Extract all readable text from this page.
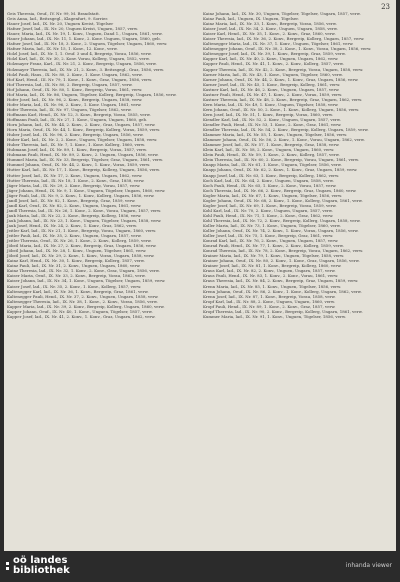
23
Geis Theresia, Oeuf., IV. Nr. 99, M. Brandstatt.
Geis Anna, lad., Beitzsgegl., Klagenfurt, 9. Sorrier.
Hauer Josef, lad., IX. Nr. 20, Unguen Kreist, Tögelser
Hafner Josef, lad., IX. Nr. 20, Unguen Kreist, Ungarn, 1857, verw.
Hauer, Maria, lad., IX. Nr. 19, 1. Konv., Unguen, Dand 1., Ungarn, 1861, verw.
Hauer Johann, lad., IX. Nr. 11, 1. Konv., 2. Konv. Unguen, Ungarn, 1860, geb.
Hafner Josef, lad., IX. Nr. 18, 3. Konv., 2. Unguen, Tögelser, Ungarn, 1860, verw.
Hafner Maria, lad., IX. Nr. 15, 1. Konv., 12. Konv., verw.
Holzl Josef, lad., IX. Nr. 1, 1. Oeuf. 3 und 4, Bergreip, Vorau, 1856, verw.
Holzl Karl, lad., IX. Nr. 30, 2. Konv. Vorau, Kollerg, Ungarn, 1852, verw.
Holzmayer Franz, Karl., IX. Nr. 21, 2. Konv., Bergreip, Ungarn, 1856, verw.
Holzmayer Theresia, lad., IX. Nr. 21, 2. Konv., 3. Beitzsgegl., Graz, 1856, verw.
Holzl Pauli, Haus., IX. Nr. 80, 2. Konv., 1. Konv. Ungarn, 1862, verw.
Hof Karl, Hend., III. Nr. 79, 1. Konv., 1. Konv., Graz, Ungarn, 1856, verw.
Hof Theresia, lad., IX. Nr. 80, 2. Bergreip, Ungarn, 1857, verw.
Hof Johann, Oeuf., IX. Nr. 80, 1. Konv., Bergreip, Vorau, 1861, verw.
Hof Maria, lad., IX. Nr. 86, Unguen, Tögelser, Kollerg, Bergreip, Ungarn, 1856, verw.
Hofer Josef, lad., IX. Nr. 96, 2. Konv., Bergreip, Ungarn, 1858, verw.
Hofer Maria, lad., IX. Nr. 96, 2. Konv., 1. Konv. Ungarn, 1861, verw.
Hofer Theresia, lad., IX. Nr. 97, Unguen, Tögelser, 1862, verw.
Hoffmann Karl, Hend., IX. Nr. 12, 3. Konv., Bergreip, Vorau, 1855, verw.
Hoffmann Pauli, lad., IX. Nr. 27, 1. Konv., Unguen, Ungarn, 1860, geb.
Horn Johann, lad., IX. Nr. 44, 2. Konv., 2. Konv., Graz, Ungarn, 1857, verw.
Horn Maria, Oeuf., IX. Nr. 44, 1. Konv., Bergreip, Kollerg, Vorau, 1859, verw.
Huber Josef, lad., IX. Nr. 96, 2. Konv., Bergreip, Ungarn, 1856, verw.
Huber Karl, lad., IX. Nr. 2, 2. Konv., Unguen, Tögelser, Ungarn, 1858, verw.
Huber Theresia, lad., IX. Nr. 7, 1. Konv., 1. Konv. Kollerg, 1860, verw.
Hubmann Josef, lad., IX. Nr. 89, 1. Konv., Bergreip, Vorau, 1857, verw.
Hubmann Pauli, Hend., IX. Nr. 89, 2. Konv., 2. Unguen, Ungarn, 1856, verw.
Hummel Maria, lad., IX. Nr. 33, Bergreip, Tögelser, Graz, Ungarn, 1861, verw.
Hummel Johann, Oeuf., IX. Nr. 44, 2. Konv., 1. Konv., Vorau, 1859, verw.
Hutter Karl, lad., IX. Nr. 17, 1. Konv., Bergreip, Kollerg, Ungarn, 1856, verw.
Hutter Josef, lad., IX. Nr. 17, 2. Konv., Unguen, Ungarn, 1862, verw.
Hutter Theresia, lad., IX. Nr. 18, 1. Konv., 2. Konv., Graz, 1858, verw.
Jäger Maria, lad., IX. Nr. 29, 2. Konv., Bergreip, Vorau, 1857, verw.
Jäger Johann, Hend., IX. Nr. 9, 1. Konv., Unguen, Tögelser, Ungarn, 1860, verw.
Jäger Pauli, lad., IX. Nr. 9, 2. Konv., 1. Konv., Kollerg, Ungarn, 1856, verw.
Jandl Josef, lad., IX. Nr. 82, 1. Konv., Bergreip, Graz, 1859, verw.
Jandl Karl, Oeuf., IX. Nr. 82, 2. Konv., Unguen, Ungarn, 1861, verw.
Jandl Theresia, lad., IX. Nr. 26, 1. Konv., 2. Konv., Vorau, Ungarn, 1857, verw.
Jauk Maria, lad., IX. Nr. 22, 2. Konv., Bergreip, Kollerg, 1856, verw.
Jauk Johann, lad., IX. Nr. 23, 1. Konv., Unguen, Tögelser, Ungarn, 1858, verw.
Jauk Josef, Hend., IX. Nr. 24, 2. Konv., 1. Konv., Graz, 1862, verw.
Jeitler Karl, lad., IX. Nr. 21, 1. Konv., Bergreip, Vorau, Ungarn, 1860, verw.
Jeitler Pauli, lad., IX. Nr. 35, 2. Konv., Unguen, Ungarn, 1857, verw.
Jeitler Theresia, Oeuf., IX. Nr. 26, 1. Konv., 2. Konv., Kollerg, 1859, verw.
Jöbstl Maria, lad., IX. Nr. 27, 2. Konv., Bergreip, Graz, Ungarn, 1856, verw.
Jöbstl Johann, lad., IX. Nr. 28, 1. Konv., Unguen, Tögelser, 1861, verw.
Jöbstl Josef, lad., IX. Nr. 29, 2. Konv., 1. Konv., Vorau, Ungarn, 1858, verw.
Kainz Karl, Hend., IX. Nr. 30, 1. Konv., Bergreip, Kollerg, 1857, verw.
Kainz Pauli, lad., IX. Nr. 31, 2. Konv., Unguen, Ungarn, 1860, verw.
Kainz Theresia, lad., IX. Nr. 32, 1. Konv., 2. Konv., Graz, Ungarn, 1856, verw.
Kaiser Maria, Oeuf., IX. Nr. 33, 2. Konv., Bergreip, Vorau, 1862, verw.
Kaiser Johann, lad., IX. Nr. 34, 1. Konv., Unguen, Tögelser, Ungarn, 1859, verw.
Kaiser Josef, lad., IX. Nr. 35, 2. Konv., 1. Konv., Kollerg, 1857, verw.
Kaltenegger Karl, lad., IX. Nr. 36, 1. Konv., Bergreip, Graz, 1861, verw.
Kaltenegger Pauli, Hend., IX. Nr. 37, 2. Konv., Unguen, Ungarn, 1858, verw.
Kaltenegger Theresia, lad., IX. Nr. 38, 1. Konv., 2. Konv., Vorau, 1856, verw.
Kapper Maria, lad., IX. Nr. 39, 2. Konv., Bergreip, Kollerg, Ungarn, 1860, verw.
Kapper Johann, Oeuf., IX. Nr. 40, 1. Konv., Unguen, Tögelser, 1857, verw.
Kapper Josef, lad., IX. Nr. 41, 2. Konv., 1. Konv., Graz, Ungarn, 1862, verw.
Kainz Johann, lad., IX. Nr. 30, Unguen, Tögelser, Tögelser, Ungarn, 1857, verw.
Kainz Pauli, lad., Unguen, IX. Unguen, Tögelser.
Kainz Maria, lad., IX. Nr. 33, 1. Konv., Bergreip, Vorau, 1856, verw.
Kaiser Josef, lad., IX. Nr. 34, 2. Konv., Unguen, Ungarn, 1858, verw.
Kaiser Karl, Hend., IX. Nr. 35, 1. Konv., 2. Konv., Graz, 1860, verw.
Kaiser Theresia, lad., IX. Nr. 36, 2. Konv., Bergreip, Kollerg, Ungarn, 1857, verw.
Kaltenegger Maria, lad., IX. Nr. 37, 1. Konv., Unguen, Tögelser, 1861, verw.
Kaltenegger Johann, Oeuf., IX. Nr. 38, 2. Konv., 1. Konv., Vorau, Ungarn, 1856, verw.
Kaltenegger Josef, lad., IX. Nr. 39, 1. Konv., Bergreip, Graz, 1859, verw.
Kapper Karl, lad., IX. Nr. 40, 2. Konv., Unguen, Ungarn, 1862, verw.
Kapper Pauli, Hend., IX. Nr. 41, 1. Konv., 2. Konv., Kollerg, 1857, verw.
Kapper Theresia, lad., IX. Nr. 42, 2. Konv., Bergreip, Vorau, Ungarn, 1858, verw.
Karner Maria, lad., IX. Nr. 43, 1. Konv., Unguen, Tögelser, 1860, verw.
Karner Johann, Oeuf., IX. Nr. 44, 2. Konv., 1. Konv., Graz, Ungarn, 1856, verw.
Karner Josef, lad., IX. Nr. 45, 1. Konv., Bergreip, Kollerg, 1861, verw.
Kastner Karl, lad., IX. Nr. 46, 2. Konv., Unguen, Ungarn, 1857, verw.
Kastner Pauli, Hend., IX. Nr. 47, 1. Konv., 2. Konv., Vorau, 1859, verw.
Kastner Theresia, lad., IX. Nr. 48, 2. Konv., Bergreip, Graz, Ungarn, 1862, verw.
Kern Maria, lad., IX. Nr. 49, 1. Konv., Unguen, Tögelser, 1858, verw.
Kern Johann, Oeuf., IX. Nr. 50, 2. Konv., 1. Konv., Kollerg, Ungarn, 1856, verw.
Kern Josef, lad., IX. Nr. 51, 1. Konv., Bergreip, Vorau, 1860, verw.
Kiendler Karl, lad., IX. Nr. 52, 2. Konv., Unguen, Ungarn, 1857, verw.
Kiendler Pauli, Hend., IX. Nr. 53, 1. Konv., 2. Konv., Graz, 1861, verw.
Kiendler Theresia, lad., IX. Nr. 54, 2. Konv., Bergreip, Kollerg, Ungarn, 1859, verw.
Klammer Maria, lad., IX. Nr. 55, 1. Konv., Unguen, Tögelser, 1856, verw.
Klammer Johann, Oeuf., IX. Nr. 56, 2. Konv., 1. Konv., Vorau, Ungarn, 1862, verw.
Klammer Josef, lad., IX. Nr. 57, 1. Konv., Bergreip, Graz, 1858, verw.
Klein Karl, lad., IX. Nr. 58, 2. Konv., Unguen, Ungarn, 1860, verw.
Klein Pauli, Hend., IX. Nr. 59, 1. Konv., 2. Konv., Kollerg, 1857, verw.
Klein Theresia, lad., IX. Nr. 60, 2. Konv., Bergreip, Vorau, Ungarn, 1861, verw.
Knapp Maria, lad., IX. Nr. 61, 1. Konv., Unguen, Tögelser, 1856, verw.
Knapp Johann, Oeuf., IX. Nr. 62, 2. Konv., 1. Konv., Graz, Ungarn, 1859, verw.
Knapp Josef, lad., IX. Nr. 63, 1. Konv., Bergreip, Kollerg, 1862, verw.
Koch Karl, lad., IX. Nr. 64, 2. Konv., Unguen, Ungarn, 1858, verw.
Koch Pauli, Hend., IX. Nr. 65, 1. Konv., 2. Konv., Vorau, 1857, verw.
Koch Theresia, lad., IX. Nr. 66, 2. Konv., Bergreip, Graz, Ungarn, 1860, verw.
Kogler Maria, lad., IX. Nr. 67, 1. Konv., Unguen, Tögelser, 1856, verw.
Kogler Johann, Oeuf., IX. Nr. 68, 2. Konv., 1. Konv., Kollerg, Ungarn, 1861, verw.
Kogler Josef, lad., IX. Nr. 69, 1. Konv., Bergreip, Vorau, 1859, verw.
Kohl Karl, lad., IX. Nr. 70, 2. Konv., Unguen, Ungarn, 1857, verw.
Kohl Pauli, Hend., IX. Nr. 71, 1. Konv., 2. Konv., Graz, 1862, verw.
Kohl Theresia, lad., IX. Nr. 72, 2. Konv., Bergreip, Kollerg, Ungarn, 1858, verw.
Koller Maria, lad., IX. Nr. 73, 1. Konv., Unguen, Tögelser, 1860, verw.
Koller Johann, Oeuf., IX. Nr. 74, 2. Konv., 1. Konv., Vorau, Ungarn, 1856, verw.
Koller Josef, lad., IX. Nr. 75, 1. Konv., Bergreip, Graz, 1861, verw.
Konrad Karl, lad., IX. Nr. 76, 2. Konv., Unguen, Ungarn, 1857, verw.
Konrad Pauli, Hend., IX. Nr. 77, 1. Konv., 2. Konv., Kollerg, 1859, verw.
Konrad Theresia, lad., IX. Nr. 78, 2. Konv., Bergreip, Vorau, Ungarn, 1862, verw.
Krainer Maria, lad., IX. Nr. 79, 1. Konv., Unguen, Tögelser, 1858, verw.
Krainer Johann, Oeuf., IX. Nr. 80, 2. Konv., 1. Konv., Graz, Ungarn, 1856, verw.
Krainer Josef, lad., IX. Nr. 81, 1. Konv., Bergreip, Kollerg, 1860, verw.
Kraus Karl, lad., IX. Nr. 82, 2. Konv., Unguen, Ungarn, 1857, verw.
Kraus Pauli, Hend., IX. Nr. 83, 1. Konv., 2. Konv., Vorau, 1861, verw.
Kraus Theresia, lad., IX. Nr. 84, 2. Konv., Bergreip, Graz, Ungarn, 1859, verw.
Krenn Maria, lad., IX. Nr. 85, 1. Konv., Unguen, Tögelser, 1856, verw.
Krenn Johann, Oeuf., IX. Nr. 86, 2. Konv., 1. Konv., Kollerg, Ungarn, 1862, verw.
Krenn Josef, lad., IX. Nr. 87, 1. Konv., Bergreip, Vorau, 1858, verw.
Kropf Karl, lad., IX. Nr. 88, 2. Konv., Unguen, Ungarn, 1860, verw.
Kropf Pauli, Hend., IX. Nr. 89, 1. Konv., 2. Konv., Graz, 1857, verw.
Kropf Theresia, lad., IX. Nr. 90, 2. Konv., Bergreip, Kollerg, Ungarn, 1861, verw.
Kummer Maria, lad., IX. Nr. 91, 1. Konv., Unguen, Tögelser, 1856, verw.
oö landes
bibliothek	inhanda viewer
